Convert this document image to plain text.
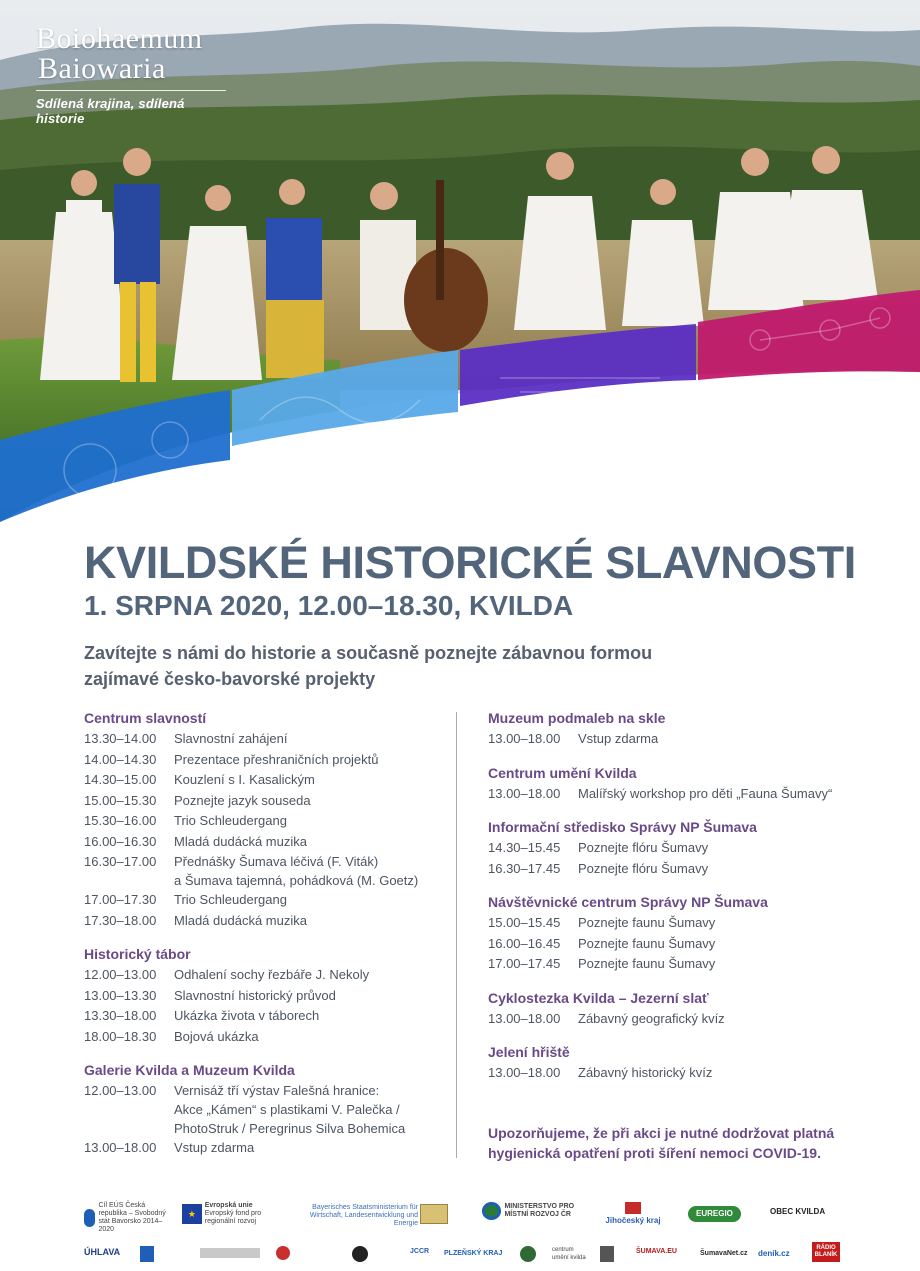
Boiohaemum
Baiowaria
Sdílená krajina, sdílená historie
KVILDSKÉ HISTORICKÉ SLAVNOSTI
1. SRPNA 2020, 12.00–18.30, KVILDA

Zavítejte s námi do historie a současně poznejte zábavnou formou
zajímavé česko-bavorské projekty

Centrum slavností
13.30–14.00	Slavnostní zahájení
14.00–14.30	Prezentace přeshraničních projektů
14.30–15.00	Kouzlení s I. Kasalickým
15.00–15.30	Poznejte jazyk souseda
15.30–16.00	Trio Schleudergang
16.00–16.30	Mladá dudácká muzika
16.30–17.00	Přednášky Šumava léčivá (F. Viták)
a Šumava tajemná, pohádková (M. Goetz)
17.00–17.30	Trio Schleudergang
17.30–18.00	Mladá dudácká muzika
Historický tábor
12.00–13.00	Odhalení sochy řezbáře J. Nekoly
13.00–13.30	Slavnostní historický průvod
13.30–18.00	Ukázka života v táborech
18.00–18.30	Bojová ukázka
Galerie Kvilda a Muzeum Kvilda
12.00–13.00	Vernisáž tří výstav Falešná hranice:
Akce „Kámen“ s plastikami V. Palečka /
PhotoStruk / Peregrinus Silva Bohemica
13.00–18.00	Vstup zdarma
Muzeum podmaleb na skle
13.00–18.00	Vstup zdarma
Centrum umění Kvilda
13.00–18.00	Malířský workshop pro děti „Fauna Šumavy“
Informační středisko Správy NP Šumava
14.30–15.45	Poznejte flóru Šumavy
16.30–17.45	Poznejte flóru Šumavy
Návštěvnické centrum Správy NP Šumava
15.00–15.45	Poznejte faunu Šumavy
16.00–16.45	Poznejte faunu Šumavy
17.00–17.45	Poznejte faunu Šumavy
Cyklostezka Kvilda – Jezerní slať
13.00–18.00	Zábavný geografický kvíz
Jelení hřiště
13.00–18.00	Zábavný historický kvíz
Upozorňujeme, že při akci je nutné dodržovat platná
hygienická opatření proti šíření nemoci COVID-19.
Cíl EÚS Česká republika – Svobodný stát Bavorsko 2014–2020
★
Evropská unie
Evropský fond pro regionální rozvoj
Bayerisches Staatsministerium für Wirtschaft, Landesentwicklung und Energie
MINISTERSTVO PRO MÍSTNÍ ROZVOJ ČR
Jihočeský kraj
EUREGIO	OBEC KVILDA
ÚHLAVA	JCCR PLZEŇSKÝ KRAJ	centrum umění kvilda
ŠUMAVA.EU	ŠumavaNet.cz deník.cz
RÁDIO BLANÍK
